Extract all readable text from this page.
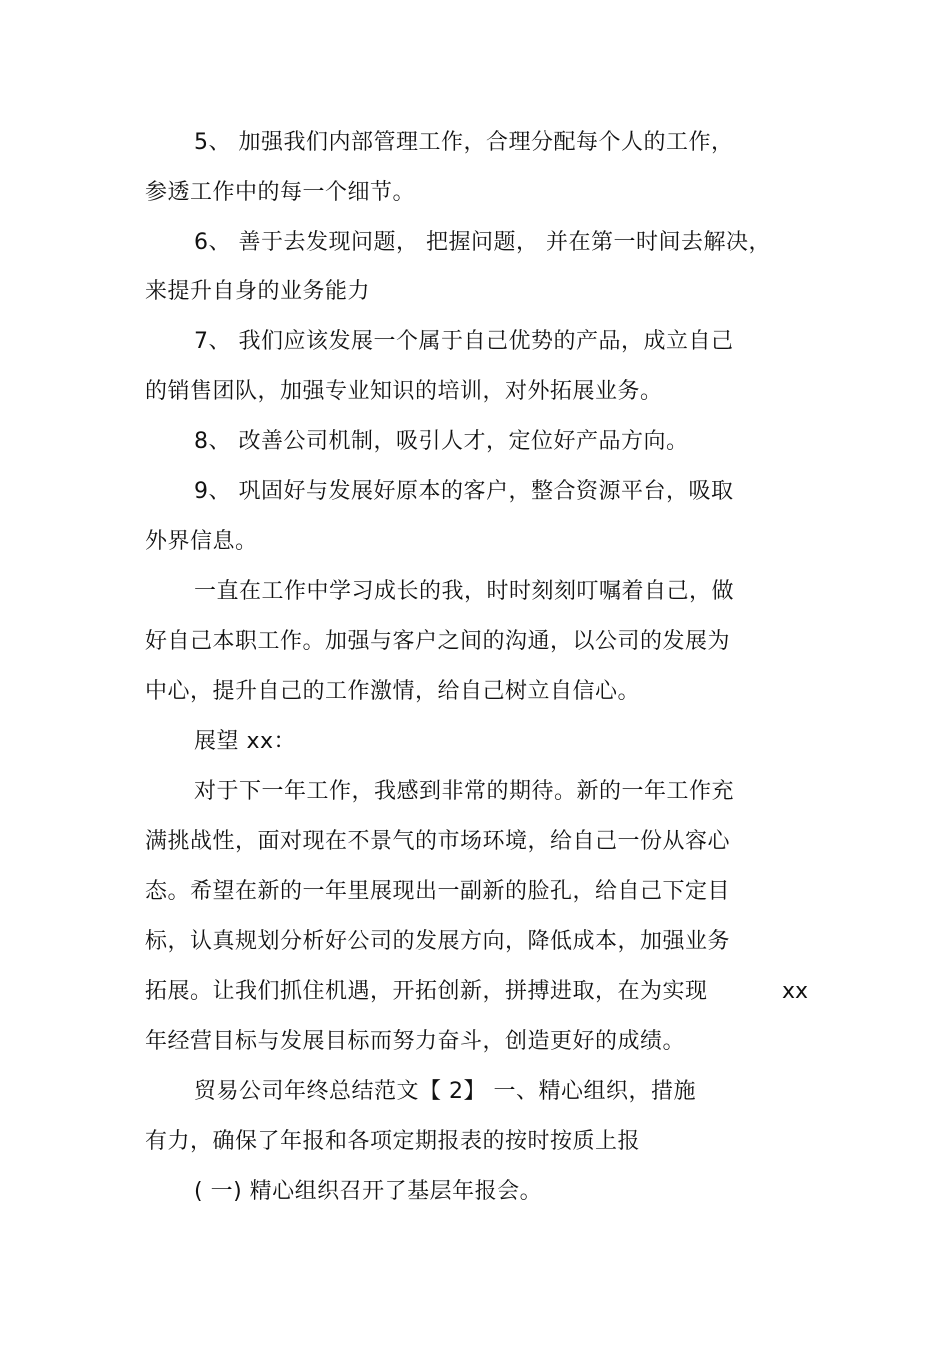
5、 加强我们内部管理工作，合理分配每个人的工作，
参透工作中的每一个细节。
6、 善于去发现问题， 把握问题， 并在第一时间去解决，
来提升自身的业务能力
7、 我们应该发展一个属于自己优势的产品，成立自己
的销售团队，加强专业知识的培训，对外拓展业务。
8、 改善公司机制，吸引人才，定位好产品方向。
9、 巩固好与发展好原本的客户，整合资源平台，吸取
外界信息。
一直在工作中学习成长的我，时时刻刻叮嘱着自己，做
好自己本职工作。加强与客户之间的沟通，以公司的发展为
中心，提升自己的工作激情，给自己树立自信心。
展望 xx：
对于下一年工作，我感到非常的期待。新的一年工作充
满挑战性，面对现在不景气的市场环境，给自己一份从容心
态。希望在新的一年里展现出一副新的脸孔，给自己下定目
标，认真规划分析好公司的发展方向，降低成本，加强业务
拓展。让我们抓住机遇，开拓创新，拼搏进取，在为实现	xx
年经营目标与发展目标而努力奋斗，创造更好的成绩。
贸易公司年终总结范文【 2】 一、精心组织，措施
有力，确保了年报和各项定期报表的按时按质上报
( 一) 精心组织召开了基层年报会。
